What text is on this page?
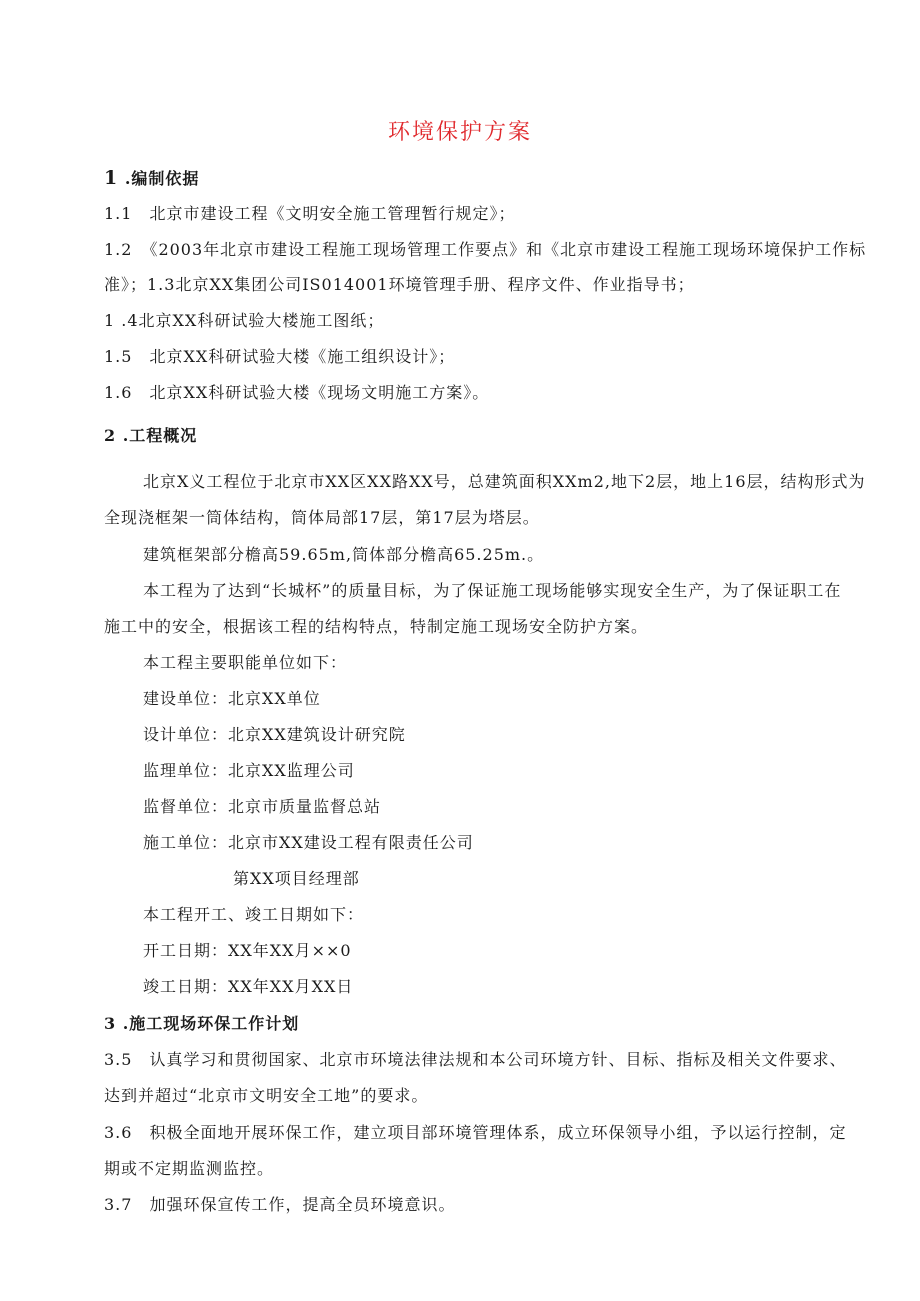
环境保护方案
1 .编制依据
1.1　北京市建设工程《文明安全施工管理暂行规定》；
1.2　《2003年北京市建设工程施工现场管理工作要点》和《北京市建设工程施工现场环境保护工作标
准》；1.3北京XX集团公司IS014001环境管理手册、程序文件、作业指导书；
1 .4北京XX科研试验大楼施工图纸；
1.5　北京XX科研试验大楼《施工组织设计》；
1.6　北京XX科研试验大楼《现场文明施工方案》。
2 .工程概况
北京X义工程位于北京市XX区XX路XX号，总建筑面积XXm2,地下2层，地上16层，结构形式为
全现浇框架一筒体结构，筒体局部17层，第17层为塔层。
建筑框架部分檐高59.65m,筒体部分檐高65.25m.。
本工程为了达到“长城杯”的质量目标，为了保证施工现场能够实现安全生产，为了保证职工在
施工中的安全，根据该工程的结构特点，特制定施工现场安全防护方案。
本工程主要职能单位如下：
建设单位：北京XX单位
设计单位：北京XX建筑设计研究院
监理单位：北京XX监理公司
监督单位：北京市质量监督总站
施工单位：北京市XX建设工程有限责任公司
第XX项目经理部
本工程开工、竣工日期如下：
开工日期：XX年XX月××0
竣工日期：XX年XX月XX日
3 .施工现场环保工作计划
3.5　认真学习和贯彻国家、北京市环境法律法规和本公司环境方针、目标、指标及相关文件要求、
达到并超过“北京市文明安全工地”的要求。
3.6　积极全面地开展环保工作，建立项目部环境管理体系，成立环保领导小组，予以运行控制，定
期或不定期监测监控。
3.7　加强环保宣传工作，提高全员环境意识。
